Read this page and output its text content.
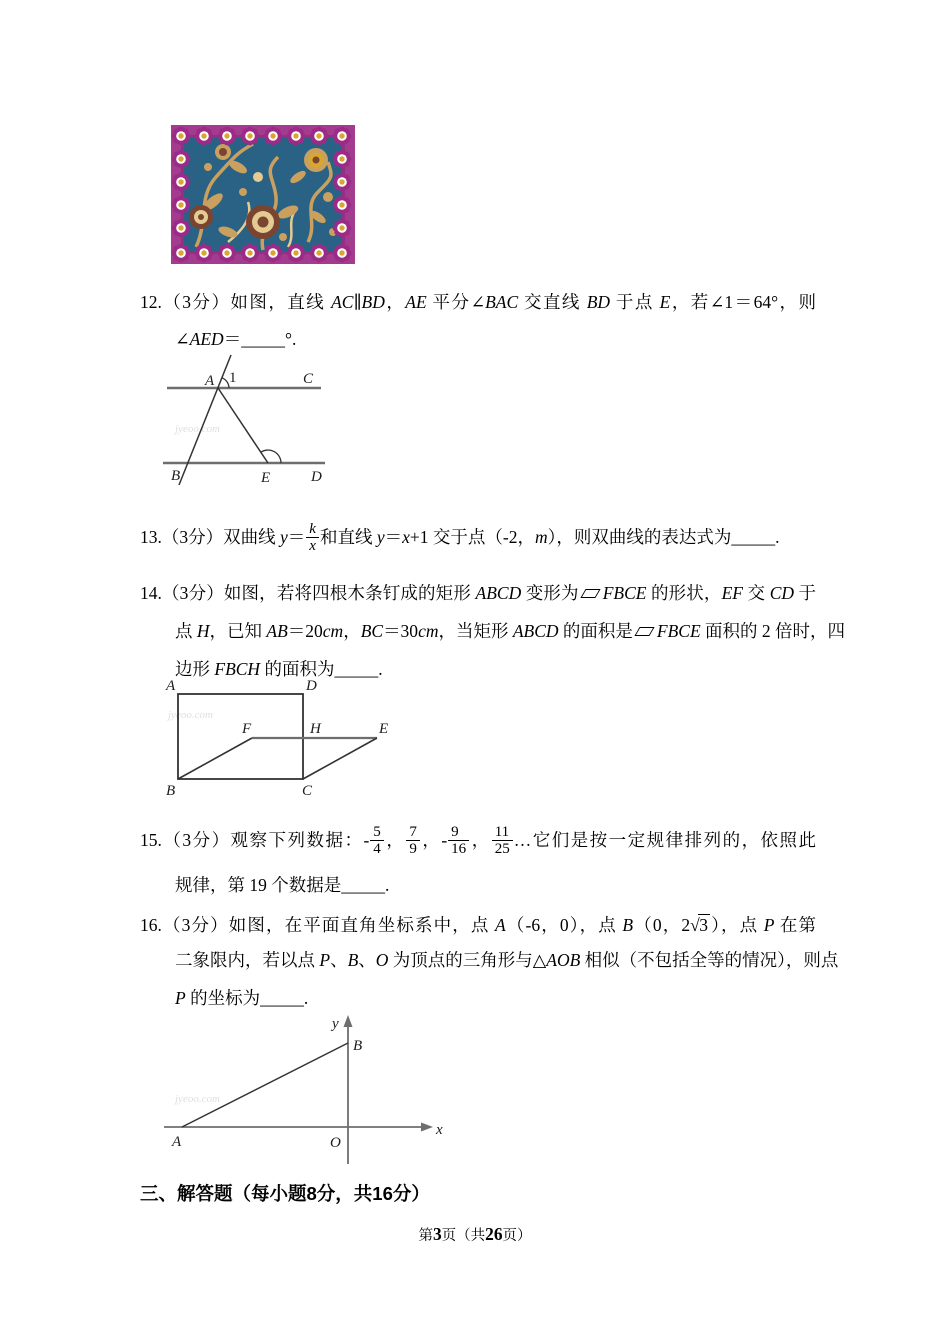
12.（3分）如图，直线 AC∥BD，AE 平分∠BAC 交直线 BD 于点 E，若∠1＝64°，则
∠AED＝_____°.
jyeoo.com
A 1	C
B	E	D
13.（3分）双曲线 $y= \frac{k}{x}$ 和直线 y＝x+1 交于点（-2，m），则双曲线的表达式为_____.
14.（3分）如图，若将四根木条钉成的矩形 ABCD 变形为 FBCE 的形状，EF 交 CD 于
点 H，已知 AB＝20cm，BC＝30cm，当矩形 ABCD 的面积是 FBCE 面积的 2 倍时，四
边形 FBCH 的面积为_____.
jyeoo.com
A	D
F	H	E
B	C
15.（3分）观察下列数据：- $\frac{5}{4}$ ， $\frac{7}{9}$ ，- $\frac{9}{16}$ ， $\frac{11}{25}$ …它们是按一定规律排列的，依照此
规律，第 19 个数据是_____.
16.（3分）如图，在平面直角坐标系中，点 A（-6，0），点 B（0，2√3 ），点 P 在第
二象限内，若以点 P、B、O 为顶点的三角形与△AOB 相似（不包括全等的情况），则点
P 的坐标为_____.
jyeoo.com
y
x
B
A	O
三、解答题（每小题8分，共16分）
第3页（共26页）
